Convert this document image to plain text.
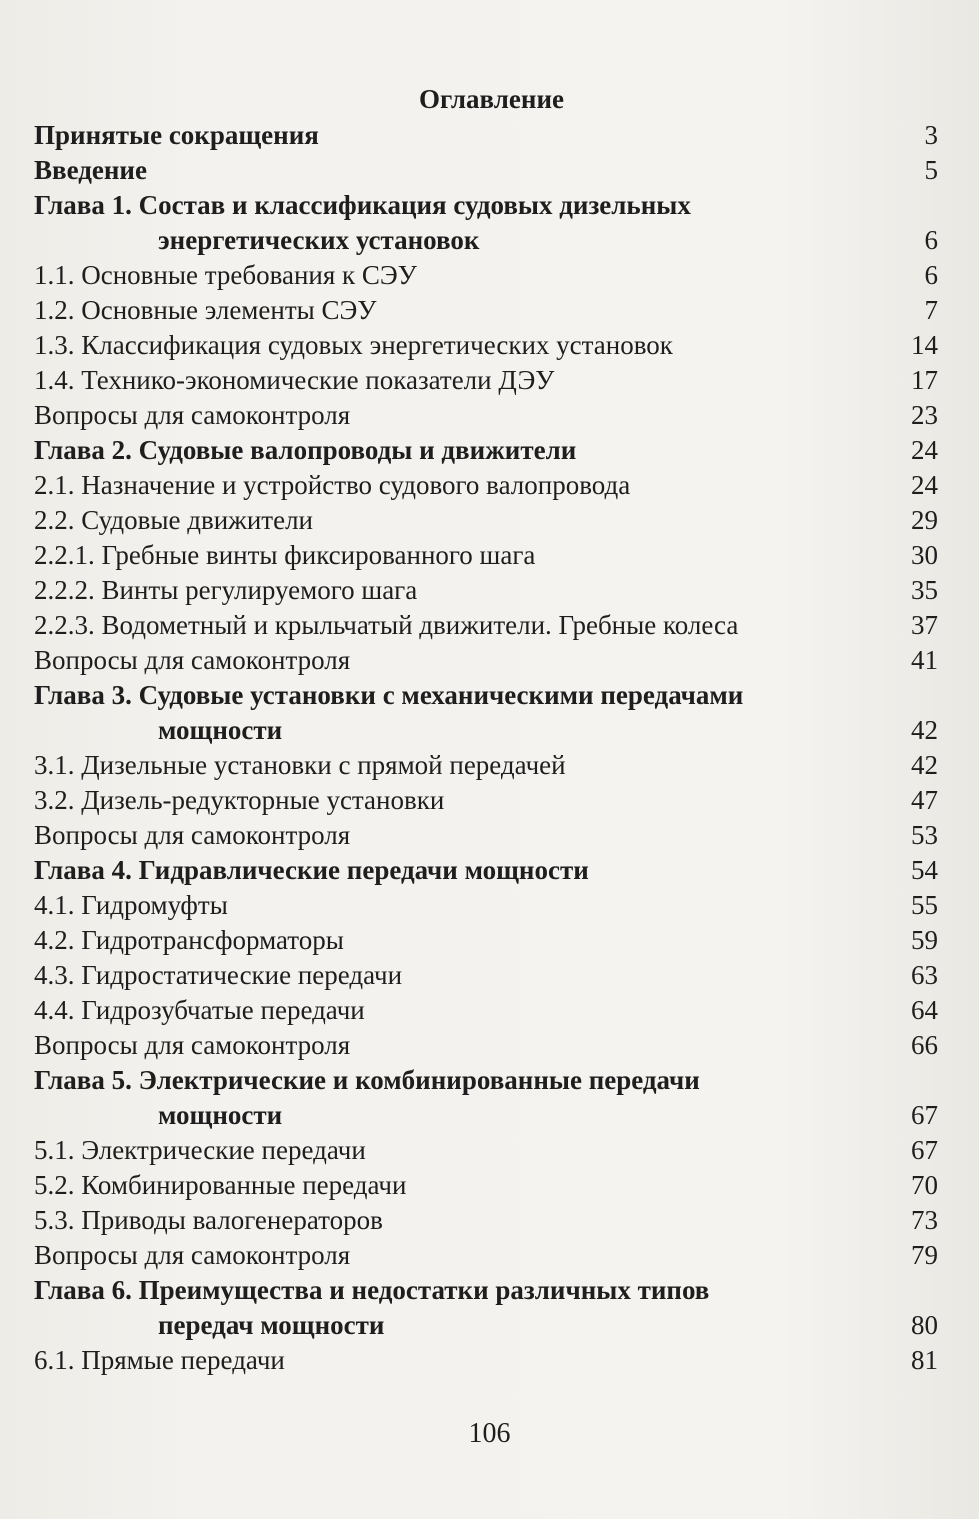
Оглавление
Принятые сокращения	3
Введение	5
Глава 1. Состав и классификация судовых дизельных
энергетических установок	6
1.1. Основные требования к СЭУ	6
1.2. Основные элементы СЭУ	7
1.3. Классификация судовых энергетических установок	14
1.4. Технико-экономические показатели ДЭУ	17
Вопросы для самоконтроля	23
Глава 2. Судовые валопроводы и движители	24
2.1. Назначение и устройство судового валопровода	24
2.2. Судовые движители	29
2.2.1. Гребные винты фиксированного шага	30
2.2.2. Винты регулируемого шага	35
2.2.3. Водометный и крыльчатый движители. Гребные колеса	37
Вопросы для самоконтроля	41
Глава 3. Судовые установки с механическими передачами
мощности	42
3.1. Дизельные установки с прямой передачей	42
3.2. Дизель-редукторные установки	47
Вопросы для самоконтроля	53
Глава 4. Гидравлические передачи мощности	54
4.1. Гидромуфты	55
4.2. Гидротрансформаторы	59
4.3. Гидростатические передачи	63
4.4. Гидрозубчатые передачи	64
Вопросы для самоконтроля	66
Глава 5. Электрические и комбинированные передачи
мощности	67
5.1. Электрические передачи	67
5.2. Комбинированные передачи	70
5.3. Приводы валогенераторов	73
Вопросы для самоконтроля	79
Глава 6. Преимущества и недостатки различных типов
передач мощности	80
6.1. Прямые передачи	81
106
